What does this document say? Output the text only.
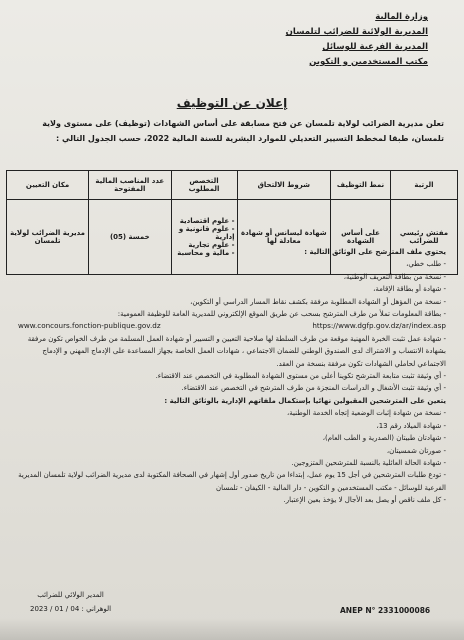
وزارة المالية
المديرية الولائية للضرائب لتلمسان
المديرية الفرعية للوسائل
مكتب المستخدمين و التكوين
إعلان عن التوظيف
تعلن مديرية الضرائب لولاية تلمسان عن فتح مسابقة على أساس الشهادات (توظيف) على مستوى ولاية تلمسان، طبقا لمخطط التسيير التعديلي للموارد البشرية للسنة المالية 2022، حسب الجدول التالي :
الرتبة	نمط التوظيف	شروط الالتحاق	التخصص المطلوب	عدد المناصب المالية المفتوحة	مكان التعيين
مفتش رئيسي للضرائب	على أساس الشهادة	شهادة ليسانس أو شهادة معادلة لها	- علوم اقتصادية
- علوم قانونية و إدارية
- علوم تجارية
- مالية و محاسبة	خمسة (05)	مديرية الضرائب لولاية تلمسان

يحتوي ملف المترشح على الوثائق التالية :

- طلب خطي،

- نسخة من بطاقة التعريف الوطنية،

- شهادة أو بطاقة الإقامة،

- نسخة من المؤهل أو الشهادة المطلوبة مرفقة بكشف نقاط المسار الدراسي أو التكوين،

- بطاقة المعلومات تملأ من طرف المترشح بسحب عن طريق الموقع الإلكتروني للمديرية العامة للوظيفة العمومية:

www.concours.fonction-publique.gov.dz	https://www.dgfp.gov.dz/ar/index.asp

- شهادة عمل تثبت الخبرة المهنية موقعة من طرف السلطة لها صلاحية التعيين و التسيير أو شهادة العمل المسلمة من طرف الخواص تكون مرفقة بشهادة الانتساب و الاشتراك لدى الصندوق الوطني للضمان الاجتماعي ، شهادات العمل الخاصة بجهاز المساعدة على الإدماج المهني و الإدماج الاجتماعي لحاملي الشهادات تكون مرفقة بنسخة من العقد.

- أي وثيقة تثبت متابعة المترشح تكوينا أعلى من مستوى الشهادة المطلوبة في التخصص عند الاقتضاء.

- أي وثيقة تثبت الأشغال و الدراسات المنجزة من طرف المترشح في التخصص عند الاقتضاء.

يتعين على المترشحين المقبولين نهائيا بإستكمال ملفاتهم الإدارية بالوثائق التالية :

- نسخة من شهادة إثبات الوضعية إتجاه الخدمة الوطنية،

- شهادة الميلاد رقم 13،

- شهادتان طبيتان (الصدرية و الطب العام)،

- صورتان شمسيتان،

- شهادة الحالة العائلية بالنسبة للمترشحين المتزوجين.

- تودع طلبات المترشحين في أجل 15 يوم عمل، إبتداءا من تاريخ صدور أول إشهار في الصحافة المكتوبة لدى مديرية الضرائب لولاية تلمسان المديرية الفرعية للوسائل - مكتب المستخدمين و التكوين - دار المالية - الكيفان - تلمسان

- كل ملف ناقص أو يصل بعد الأجال لا يؤخذ بعين الإعتبار.

المدير الولائي للضرائب
الوهراني : 04 / 01 / 2023	ANEP N° 2331000086
